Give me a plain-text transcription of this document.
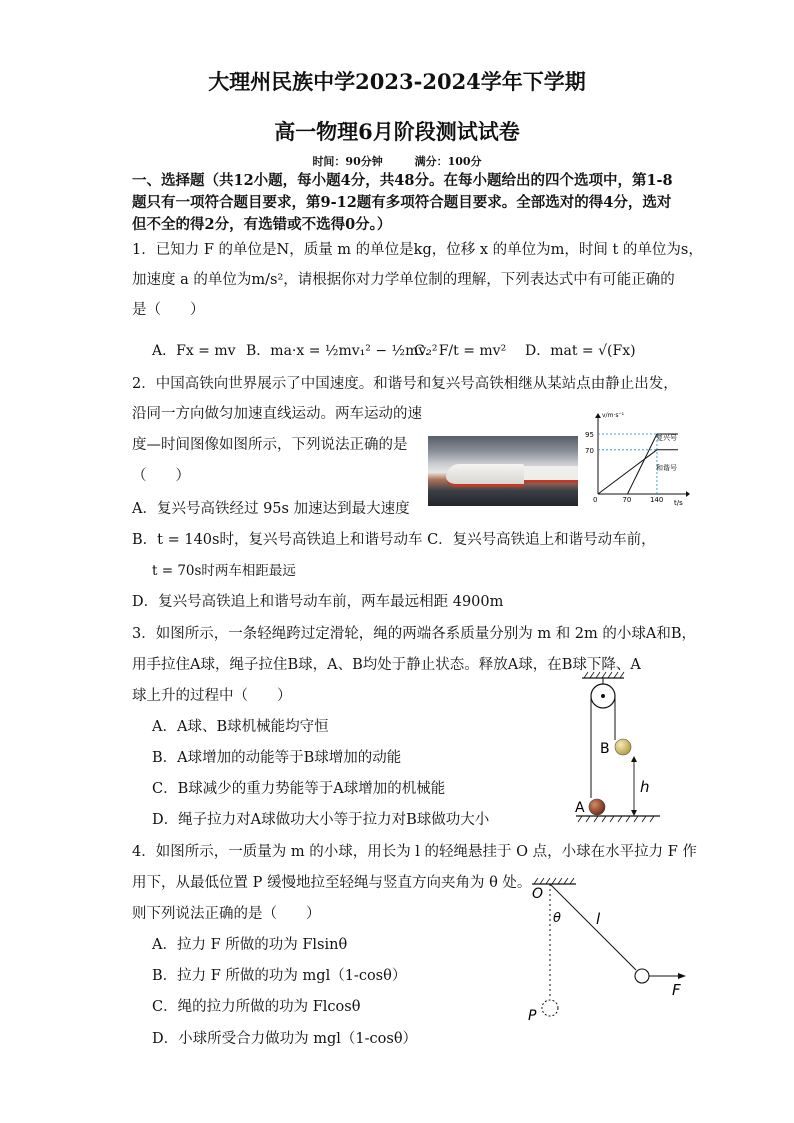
大理州民族中学2023-2024学年下学期
高一物理6月阶段测试试卷
时间：90分钟	满分：100分
一、选择题（共12小题，每小题4分，共48分。在每小题给出的四个选项中，第1-8
题只有一项符合题目要求，第9-12题有多项符合题目要求。全部选对的得4分，选对
但不全的得2分，有选错或不选得0分。）
1．已知力 F 的单位是N，质量 m 的单位是kg，位移 x 的单位为m，时间 t 的单位为s，
加速度 a 的单位为m/s²，请根据你对力学单位制的理解，下列表达式中有可能正确的
是（　　）
A．Fx = mv B．ma·x = ½mv₁² − ½mv₂²
C．F/t = mv² D．mat = √(Fx)
2．中国高铁向世界展示了中国速度。和谐号和复兴号高铁相继从某站点由静止出发，
沿同一方向做匀加速直线运动。两车运动的速
度—时间图像如图所示，下列说法正确的是
（　　）
v/m·s⁻¹
t/s
0	70	140
70
95	复兴号
和谐号
A．复兴号高铁经过 95s 加速达到最大速度
B．t = 140s时，复兴号高铁追上和谐号动车 C．复兴号高铁追上和谐号动车前，
t = 70s时两车相距最远
D．复兴号高铁追上和谐号动车前，两车最远相距 4900m
3．如图所示，一条轻绳跨过定滑轮，绳的两端各系质量分别为 m 和 2m 的小球A和B，
用手拉住A球，绳子拉住B球，A、B均处于静止状态。释放A球，在B球下降、A
球上升的过程中（　　）
A．A球、B球机械能均守恒
B．A球增加的动能等于B球增加的动能
C．B球减少的重力势能等于A球增加的机械能
D．绳子拉力对A球做功大小等于拉力对B球做功大小
B
A
h
4．如图所示，一质量为 m 的小球，用长为 l 的轻绳悬挂于 O 点，小球在水平拉力 F 作
用下，从最低位置 P 缓慢地拉至轻绳与竖直方向夹角为 θ 处。
则下列说法正确的是（　　）
A．拉力 F 所做的功为 Flsinθ
B．拉力 F 所做的功为 mgl（1-cosθ）
C．绳的拉力所做的功为 Flcosθ
D．小球所受合力做功为 mgl（1-cosθ）
O
θ l
F
P
